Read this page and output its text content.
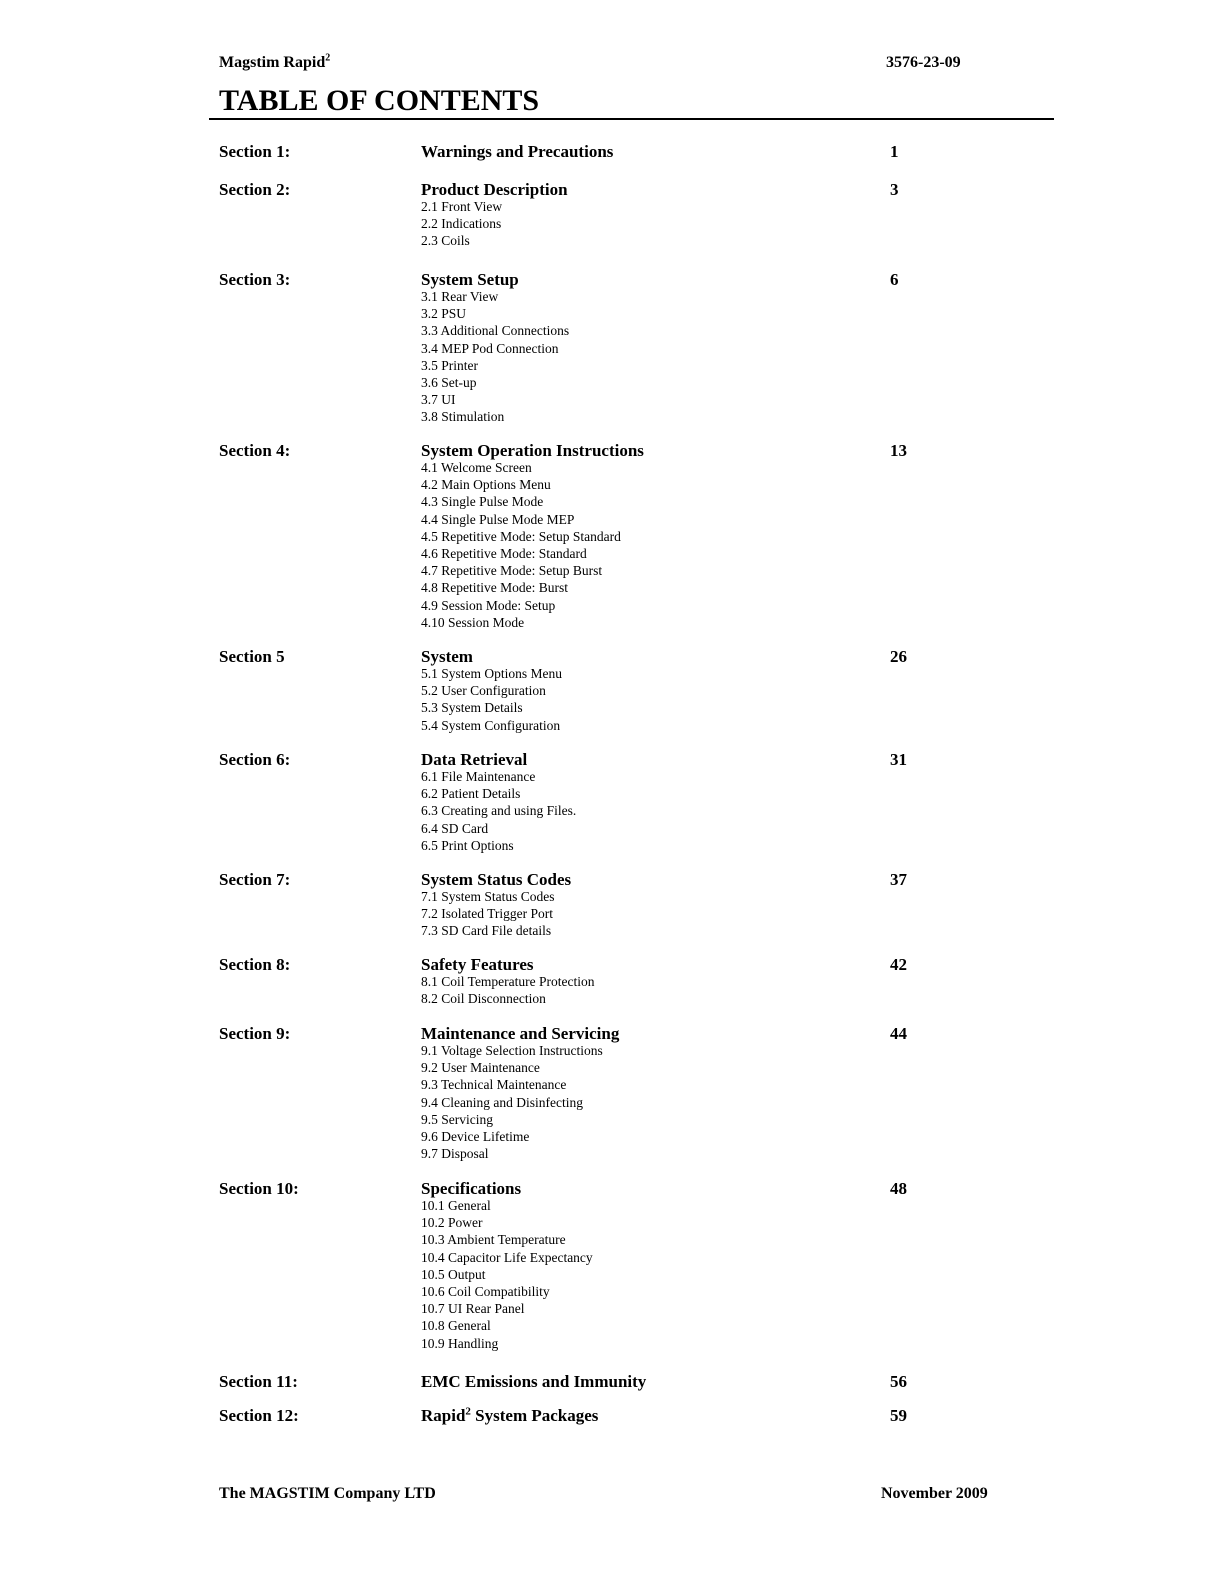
Magstim Rapid$^2$	3576-23-09
TABLE OF CONTENTS
Section 1:	Warnings and Precautions	1
Section 2:	Product Description	3
2.1 Front View
2.2 Indications
2.3 Coils
Section 3:	System Setup	6
3.1 Rear View
3.2 PSU
3.3 Additional Connections
3.4 MEP Pod Connection
3.5 Printer
3.6 Set-up
3.7 UI
3.8 Stimulation
Section 4:	System Operation Instructions	13
4.1 Welcome Screen
4.2 Main Options Menu
4.3 Single Pulse Mode
4.4 Single Pulse Mode MEP
4.5 Repetitive Mode: Setup Standard
4.6 Repetitive Mode: Standard
4.7 Repetitive Mode: Setup Burst
4.8 Repetitive Mode: Burst
4.9 Session Mode: Setup
4.10 Session Mode
Section 5	System	26
5.1 System Options Menu
5.2 User Configuration
5.3 System Details
5.4 System Configuration
Section 6:	Data Retrieval	31
6.1 File Maintenance
6.2 Patient Details
6.3 Creating and using Files.
6.4 SD Card
6.5 Print Options
Section 7:	System Status Codes	37
7.1 System Status Codes
7.2 Isolated Trigger Port
7.3 SD Card File details
Section 8:	Safety Features	42
8.1 Coil Temperature Protection
8.2 Coil Disconnection
Section 9:	Maintenance and Servicing	44
9.1 Voltage Selection Instructions
9.2 User Maintenance
9.3 Technical Maintenance
9.4 Cleaning and Disinfecting
9.5 Servicing
9.6 Device Lifetime
9.7 Disposal
Section 10:	Specifications	48
10.1 General
10.2 Power
10.3 Ambient Temperature
10.4 Capacitor Life Expectancy
10.5 Output
10.6 Coil Compatibility
10.7 UI Rear Panel
10.8 General
10.9 Handling
Section 11:	EMC Emissions and Immunity	56
Section 12:	Rapid$^2$ System Packages	59
The MAGSTIM Company LTD	November 2009
